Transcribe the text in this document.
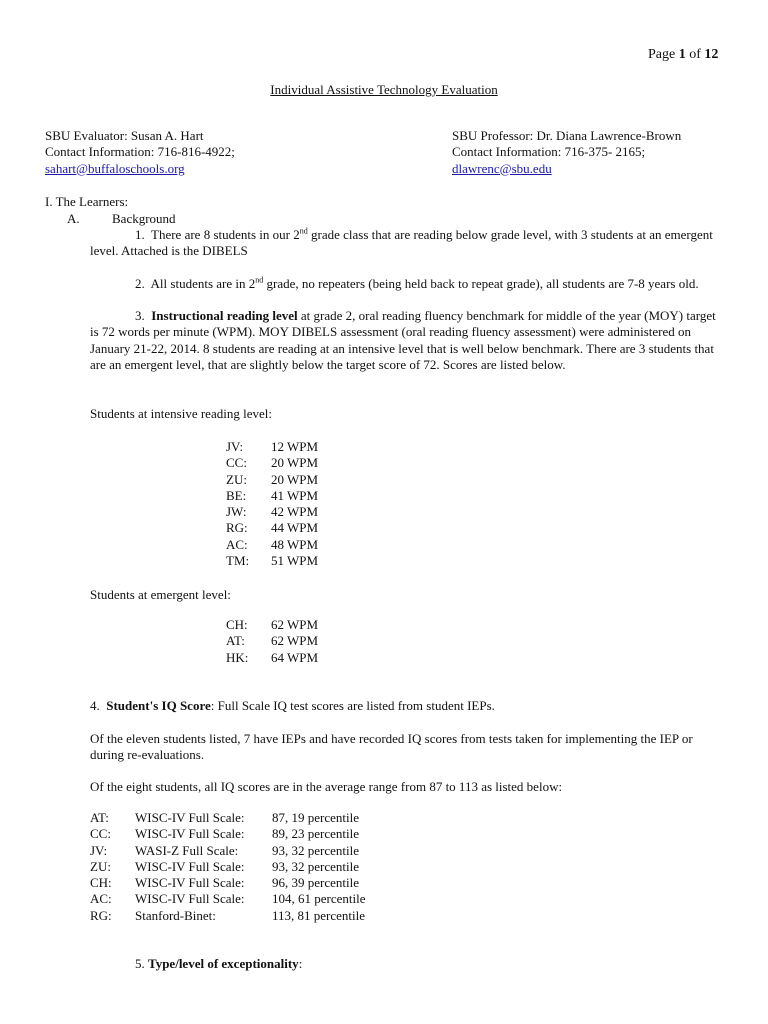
Page 1 of 12
Individual Assistive Technology Evaluation
SBU Evaluator: Susan A. Hart
Contact Information: 716-816-4922;
sahart@buffaloschools.org
SBU Professor: Dr. Diana Lawrence-Brown
Contact Information: 716-375- 2165;
dlawrenc@sbu.edu
I. The Learners:
A. Background
1. There are 8 students in our 2nd grade class that are reading below grade level, with 3 students at an emergent level. Attached is the DIBELS
2. All students are in 2nd grade, no repeaters (being held back to repeat grade), all students are 7-8 years old.
3. Instructional reading level at grade 2, oral reading fluency benchmark for middle of the year (MOY) target is 72 words per minute (WPM). MOY DIBELS assessment (oral reading fluency assessment) were administered on January 21-22, 2014. 8 students are reading at an intensive level that is well below benchmark. There are 3 students that are an emergent level, that are slightly below the target score of 72. Scores are listed below.
Students at intensive reading level:
JV: 12 WPM
CC: 20 WPM
ZU: 20 WPM
BE: 41 WPM
JW: 42 WPM
RG: 44 WPM
AC: 48 WPM
TM: 51 WPM
Students at emergent level:
CH: 62 WPM
AT: 62 WPM
HK: 64 WPM
4. Student's IQ Score: Full Scale IQ test scores are listed from student IEPs.
Of the eleven students listed, 7 have IEPs and have recorded IQ scores from tests taken for implementing the IEP or during re-evaluations.
Of the eight students, all IQ scores are in the average range from 87 to 113 as listed below:
AT: WISC-IV Full Scale: 87, 19 percentile
CC: WISC-IV Full Scale: 89, 23 percentile
JV: WASI-Z Full Scale:	93, 32 percentile
ZU: WISC-IV Full Scale: 93, 32 percentile
CH: WISC-IV Full Scale: 96, 39 percentile
AC: WISC-IV Full Scale: 104, 61 percentile
RG: Stanford-Binet:	113, 81 percentile
5. Type/level of exceptionality:
